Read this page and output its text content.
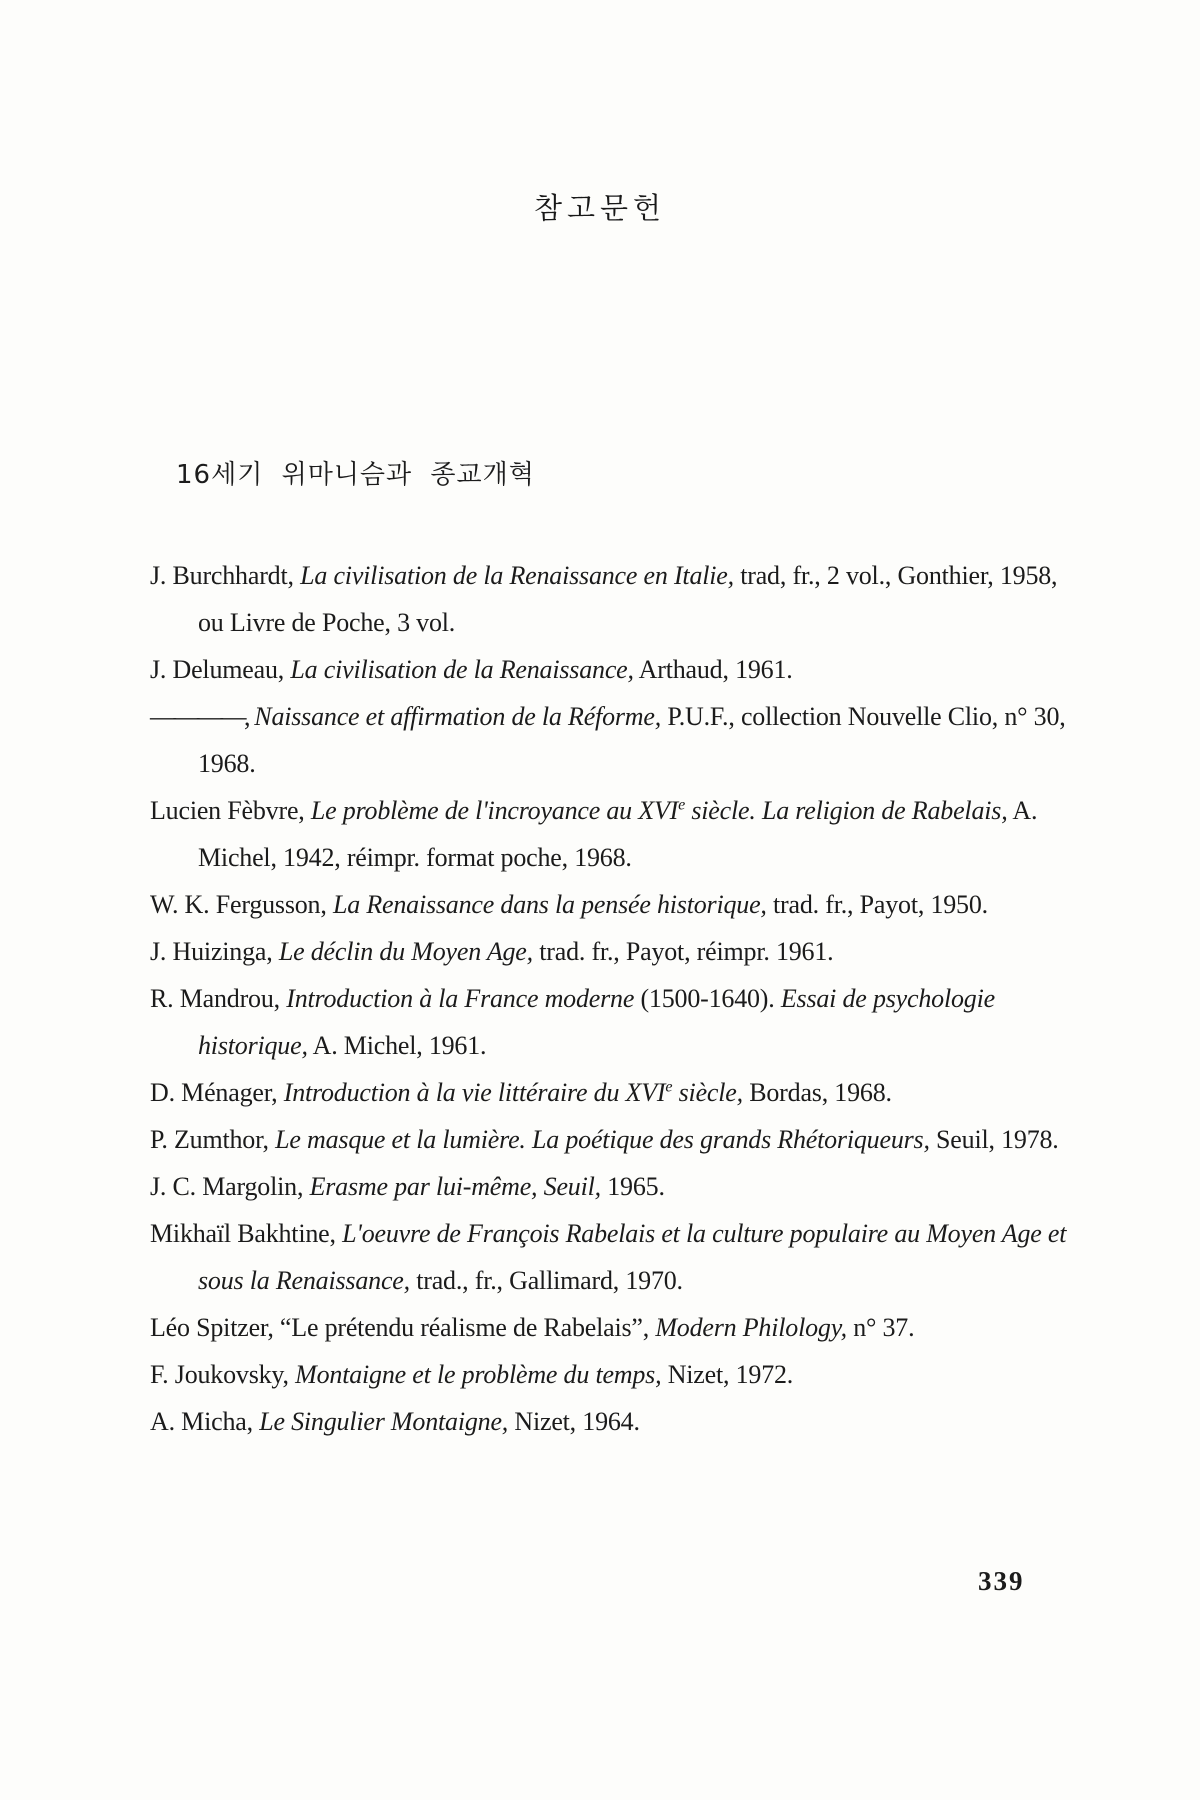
참고문헌
16세기 위마니슴과 종교개혁

J. Burchhardt, La civilisation de la Renaissance en Italie, trad, fr., 2 vol., Gonthier, 1958, ou Livre de Poche, 3 vol.

J. Delumeau, La civilisation de la Renaissance, Arthaud, 1961.

————, Naissance et affirmation de la Réforme, P.U.F., collection Nouvelle Clio, n° 30, 1968.

Lucien Fèbvre, Le problème de l'incroyance au XVIe siècle. La religion de Rabelais, A. Michel, 1942, réimpr. format poche, 1968.

W. K. Fergusson, La Renaissance dans la pensée historique, trad. fr., Payot, 1950.

J. Huizinga, Le déclin du Moyen Age, trad. fr., Payot, réimpr. 1961.

R. Mandrou, Introduction à la France moderne (1500-1640). Essai de psychologie historique, A. Michel, 1961.

D. Ménager, Introduction à la vie littéraire du XVIe siècle, Bordas, 1968.

P. Zumthor, Le masque et la lumière. La poétique des grands Rhétoriqueurs, Seuil, 1978.

J. C. Margolin, Erasme par lui-même, Seuil, 1965.

Mikhaïl Bakhtine, L'oeuvre de François Rabelais et la culture populaire au Moyen Age et sous la Renaissance, trad., fr., Gallimard, 1970.

Léo Spitzer, “Le prétendu réalisme de Rabelais”, Modern Philology, n° 37.

F. Joukovsky, Montaigne et le problème du temps, Nizet, 1972.

A. Micha, Le Singulier Montaigne, Nizet, 1964.

339
